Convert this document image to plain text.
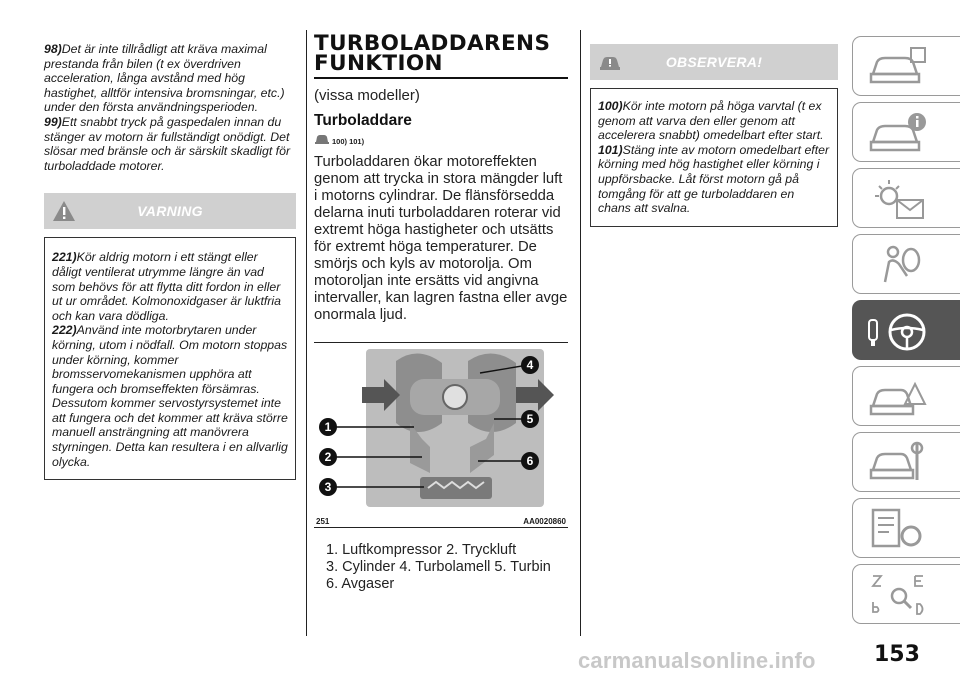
98)Det är inte tillrådligt att kräva maximal prestanda från bilen (t ex överdriven acceleration, långa avstånd med hög hastighet, alltför intensiva bromsningar, etc.) under den första användningsperioden.

99)Ett snabbt tryck på gaspedalen innan du stänger av motorn är fullständigt onödigt. Det slösar med bränsle och är särskilt skadligt för turboladdade motorer.

VARNING

221)Kör aldrig motorn i ett stängt eller dåligt ventilerat utrymme längre än vad som behövs för att flytta ditt fordon in eller ut ur området. Kolmonoxidgaser är luktfria och kan vara dödliga.

222)Använd inte motorbrytaren under körning, utom i nödfall. Om motorn stoppas under körning, kommer bromsservomekanismen upphöra att fungera och bromseffekten försämras. Dessutom kommer servostyrsystemet inte att fungera och det kommer att kräva större manuell ansträngning att manövrera styrningen. Detta kan resultera i en allvarlig olycka.

TURBOLADDARENS
FUNKTION
(vissa modeller)
Turboladdare
100) 101)
Turboladdaren ökar motoreffekten genom att trycka in stora mängder luft i motorns cylindrar. De flänsförsedda delarna inuti turboladdaren roterar vid extremt höga hastigheter och utsätts för extremt höga temperaturer. De smörjs och kyls av motorolja. Om motoroljan inte ersätts vid angivna intervaller, kan lagren fastna eller avge onormala ljud.
1
2
3
4
5
6
251	AA0020860
1. Luftkompressor 2. Tryckluft
3. Cylinder 4. Turbolamell 5. Turbin
6. Avgaser
OBSERVERA!

100)Kör inte motorn på höga varvtal (t ex genom att varva den eller genom att accelerera snabbt) omedelbart efter start.

101)Stäng inte av motorn omedelbart efter körning med hög hastighet eller körning i uppförsbacke. Låt först motorn gå på tomgång för att ge turboladdaren en chans att svalna.

153
carmanualsonline.info
